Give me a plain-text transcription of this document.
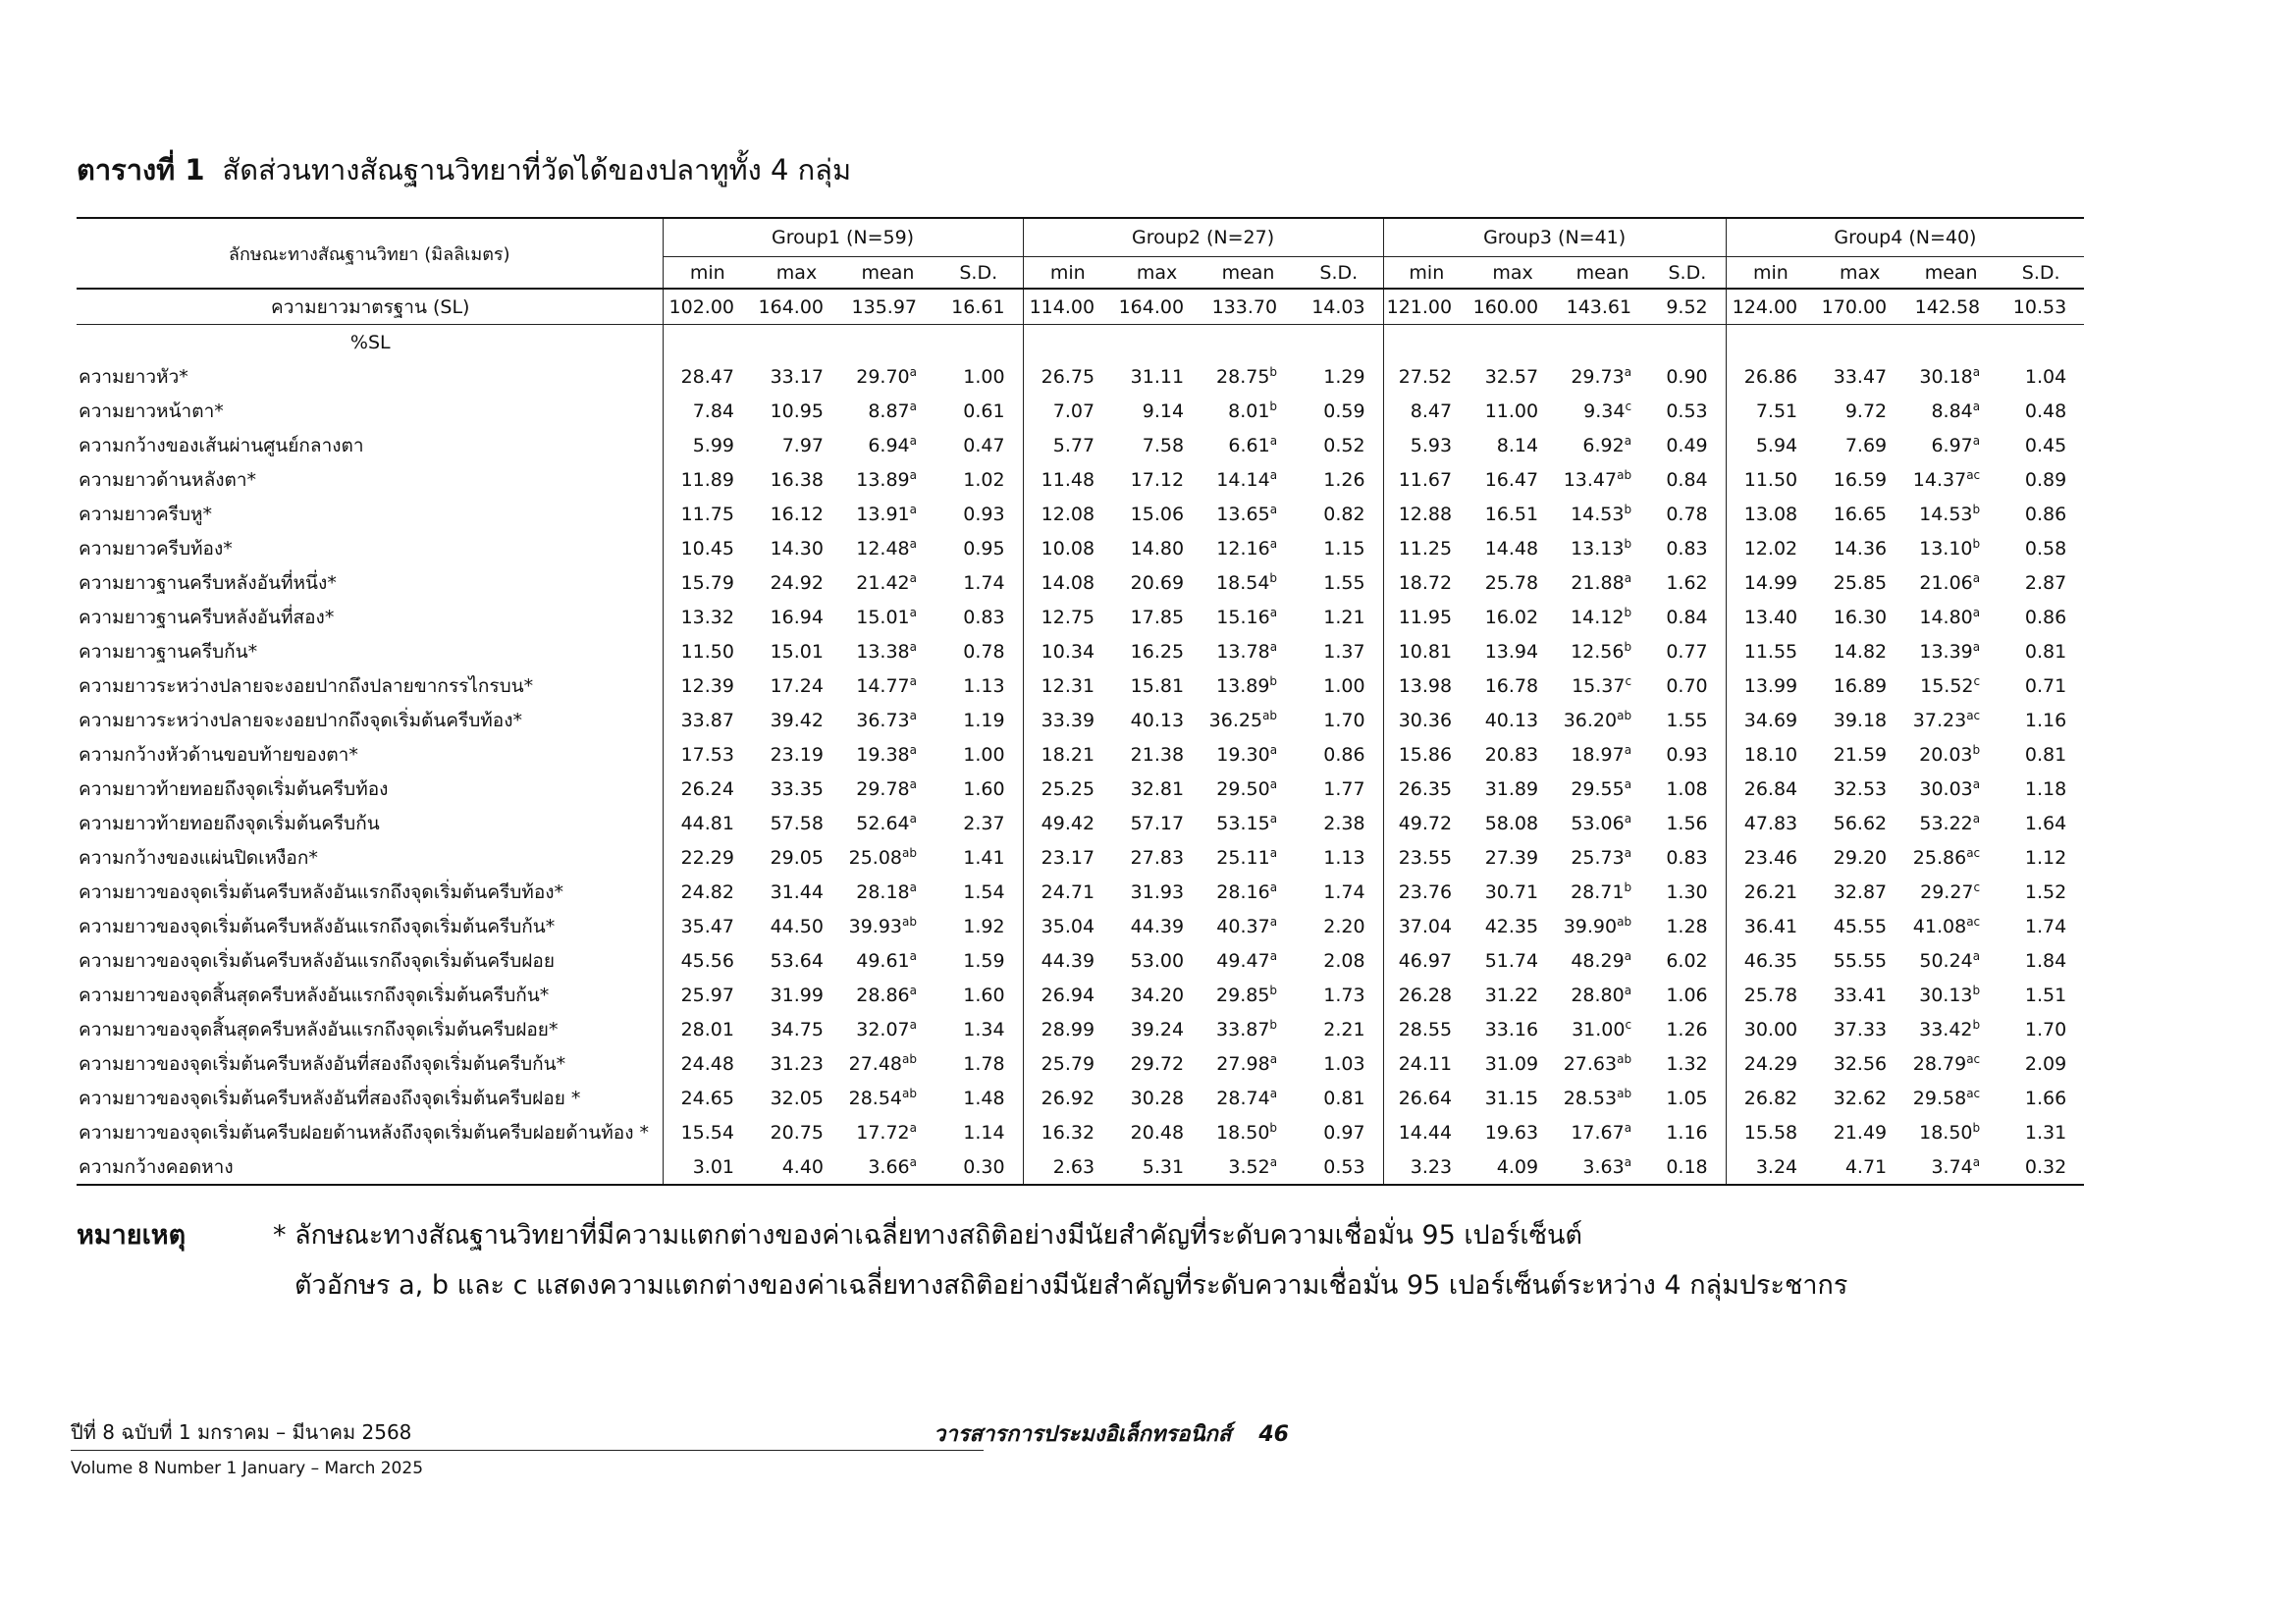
ตารางที่ 1 สัดส่วนทางสัณฐานวิทยาที่วัดได้ของปลาทูทั้ง 4 กลุ่ม
ลักษณะทางสัณฐานวิทยา (มิลลิเมตร)	Group1 (N=59)				Group2 (N=27)				Group3 (N=41)				Group4 (N=40)			
	min	max	mean	S.D.	min	max	mean	S.D.	min	max	mean	S.D.	min	max	mean	S.D.
ความยาวมาตรฐาน (SL)	102.00	164.00	135.97	16.61	114.00	164.00	133.70	14.03	121.00	160.00	143.61	9.52	124.00	170.00	142.58	10.53
%SL																
ความยาวหัว*	28.47	33.17	29.70$^a$	1.00	26.75	31.11	28.75$^b$	1.29	27.52	32.57	29.73$^a$	0.90	26.86	33.47	30.18$^a$	1.04
ความยาวหน้าตา*	7.84	10.95	8.87$^a$	0.61	7.07	9.14	8.01$^b$	0.59	8.47	11.00	9.34$^c$	0.53	7.51	9.72	8.84$^a$	0.48
ความกว้างของเส้นผ่านศูนย์กลางตา	5.99	7.97	6.94$^a$	0.47	5.77	7.58	6.61$^a$	0.52	5.93	8.14	6.92$^a$	0.49	5.94	7.69	6.97$^a$	0.45
ความยาวด้านหลังตา*	11.89	16.38	13.89$^a$	1.02	11.48	17.12	14.14$^a$	1.26	11.67	16.47	13.47$^{ab}$	0.84	11.50	16.59	14.37$^{ac}$	0.89
ความยาวครีบหู*	11.75	16.12	13.91$^a$	0.93	12.08	15.06	13.65$^a$	0.82	12.88	16.51	14.53$^b$	0.78	13.08	16.65	14.53$^b$	0.86
ความยาวครีบท้อง*	10.45	14.30	12.48$^a$	0.95	10.08	14.80	12.16$^a$	1.15	11.25	14.48	13.13$^b$	0.83	12.02	14.36	13.10$^b$	0.58
ความยาวฐานครีบหลังอันที่หนึ่ง*	15.79	24.92	21.42$^a$	1.74	14.08	20.69	18.54$^b$	1.55	18.72	25.78	21.88$^a$	1.62	14.99	25.85	21.06$^a$	2.87
ความยาวฐานครีบหลังอันที่สอง*	13.32	16.94	15.01$^a$	0.83	12.75	17.85	15.16$^a$	1.21	11.95	16.02	14.12$^b$	0.84	13.40	16.30	14.80$^a$	0.86
ความยาวฐานครีบก้น*	11.50	15.01	13.38$^a$	0.78	10.34	16.25	13.78$^a$	1.37	10.81	13.94	12.56$^b$	0.77	11.55	14.82	13.39$^a$	0.81
ความยาวระหว่างปลายจะงอยปากถึงปลายขากรรไกรบน*	12.39	17.24	14.77$^a$	1.13	12.31	15.81	13.89$^b$	1.00	13.98	16.78	15.37$^c$	0.70	13.99	16.89	15.52$^c$	0.71
ความยาวระหว่างปลายจะงอยปากถึงจุดเริ่มต้นครีบท้อง*	33.87	39.42	36.73$^a$	1.19	33.39	40.13	36.25$^{ab}$	1.70	30.36	40.13	36.20$^{ab}$	1.55	34.69	39.18	37.23$^{ac}$	1.16
ความกว้างหัวด้านขอบท้ายของตา*	17.53	23.19	19.38$^a$	1.00	18.21	21.38	19.30$^a$	0.86	15.86	20.83	18.97$^a$	0.93	18.10	21.59	20.03$^b$	0.81
ความยาวท้ายทอยถึงจุดเริ่มต้นครีบท้อง	26.24	33.35	29.78$^a$	1.60	25.25	32.81	29.50$^a$	1.77	26.35	31.89	29.55$^a$	1.08	26.84	32.53	30.03$^a$	1.18
ความยาวท้ายทอยถึงจุดเริ่มต้นครีบก้น	44.81	57.58	52.64$^a$	2.37	49.42	57.17	53.15$^a$	2.38	49.72	58.08	53.06$^a$	1.56	47.83	56.62	53.22$^a$	1.64
ความกว้างของแผ่นปิดเหงือก*	22.29	29.05	25.08$^{ab}$	1.41	23.17	27.83	25.11$^a$	1.13	23.55	27.39	25.73$^a$	0.83	23.46	29.20	25.86$^{ac}$	1.12
ความยาวของจุดเริ่มต้นครีบหลังอันแรกถึงจุดเริ่มต้นครีบท้อง*	24.82	31.44	28.18$^a$	1.54	24.71	31.93	28.16$^a$	1.74	23.76	30.71	28.71$^b$	1.30	26.21	32.87	29.27$^c$	1.52
ความยาวของจุดเริ่มต้นครีบหลังอันแรกถึงจุดเริ่มต้นครีบก้น*	35.47	44.50	39.93$^{ab}$	1.92	35.04	44.39	40.37$^a$	2.20	37.04	42.35	39.90$^{ab}$	1.28	36.41	45.55	41.08$^{ac}$	1.74
ความยาวของจุดเริ่มต้นครีบหลังอันแรกถึงจุดเริ่มต้นครีบฝอย	45.56	53.64	49.61$^a$	1.59	44.39	53.00	49.47$^a$	2.08	46.97	51.74	48.29$^a$	6.02	46.35	55.55	50.24$^a$	1.84
ความยาวของจุดสิ้นสุดครีบหลังอันแรกถึงจุดเริ่มต้นครีบก้น*	25.97	31.99	28.86$^a$	1.60	26.94	34.20	29.85$^b$	1.73	26.28	31.22	28.80$^a$	1.06	25.78	33.41	30.13$^b$	1.51
ความยาวของจุดสิ้นสุดครีบหลังอันแรกถึงจุดเริ่มต้นครีบฝอย*	28.01	34.75	32.07$^a$	1.34	28.99	39.24	33.87$^b$	2.21	28.55	33.16	31.00$^c$	1.26	30.00	37.33	33.42$^b$	1.70
ความยาวของจุดเริ่มต้นครีบหลังอันที่สองถึงจุดเริ่มต้นครีบก้น*	24.48	31.23	27.48$^{ab}$	1.78	25.79	29.72	27.98$^a$	1.03	24.11	31.09	27.63$^{ab}$	1.32	24.29	32.56	28.79$^{ac}$	2.09
ความยาวของจุดเริ่มต้นครีบหลังอันที่สองถึงจุดเริ่มต้นครีบฝอย *	24.65	32.05	28.54$^{ab}$	1.48	26.92	30.28	28.74$^a$	0.81	26.64	31.15	28.53$^{ab}$	1.05	26.82	32.62	29.58$^{ac}$	1.66
ความยาวของจุดเริ่มต้นครีบฝอยด้านหลังถึงจุดเริ่มต้นครีบฝอยด้านท้อง *	15.54	20.75	17.72$^a$	1.14	16.32	20.48	18.50$^b$	0.97	14.44	19.63	17.67$^a$	1.16	15.58	21.49	18.50$^b$	1.31
ความกว้างคอดหาง	3.01	4.40	3.66$^a$	0.30	2.63	5.31	3.52$^a$	0.53	3.23	4.09	3.63$^a$	0.18	3.24	4.71	3.74$^a$	0.32
หมายเหตุ	* ลักษณะทางสัณฐานวิทยาที่มีความแตกต่างของค่าเฉลี่ยทางสถิติอย่างมีนัยสำคัญที่ระดับความเชื่อมั่น 95 เปอร์เซ็นต์
ตัวอักษร a, b และ c แสดงความแตกต่างของค่าเฉลี่ยทางสถิติอย่างมีนัยสำคัญที่ระดับความเชื่อมั่น 95 เปอร์เซ็นต์ระหว่าง 4 กลุ่มประชากร
ปีที่ 8 ฉบับที่ 1 มกราคม – มีนาคม 2568
Volume 8 Number 1 January – March 2025
วารสารการประมงอิเล็กทรอนิกส์ 46
